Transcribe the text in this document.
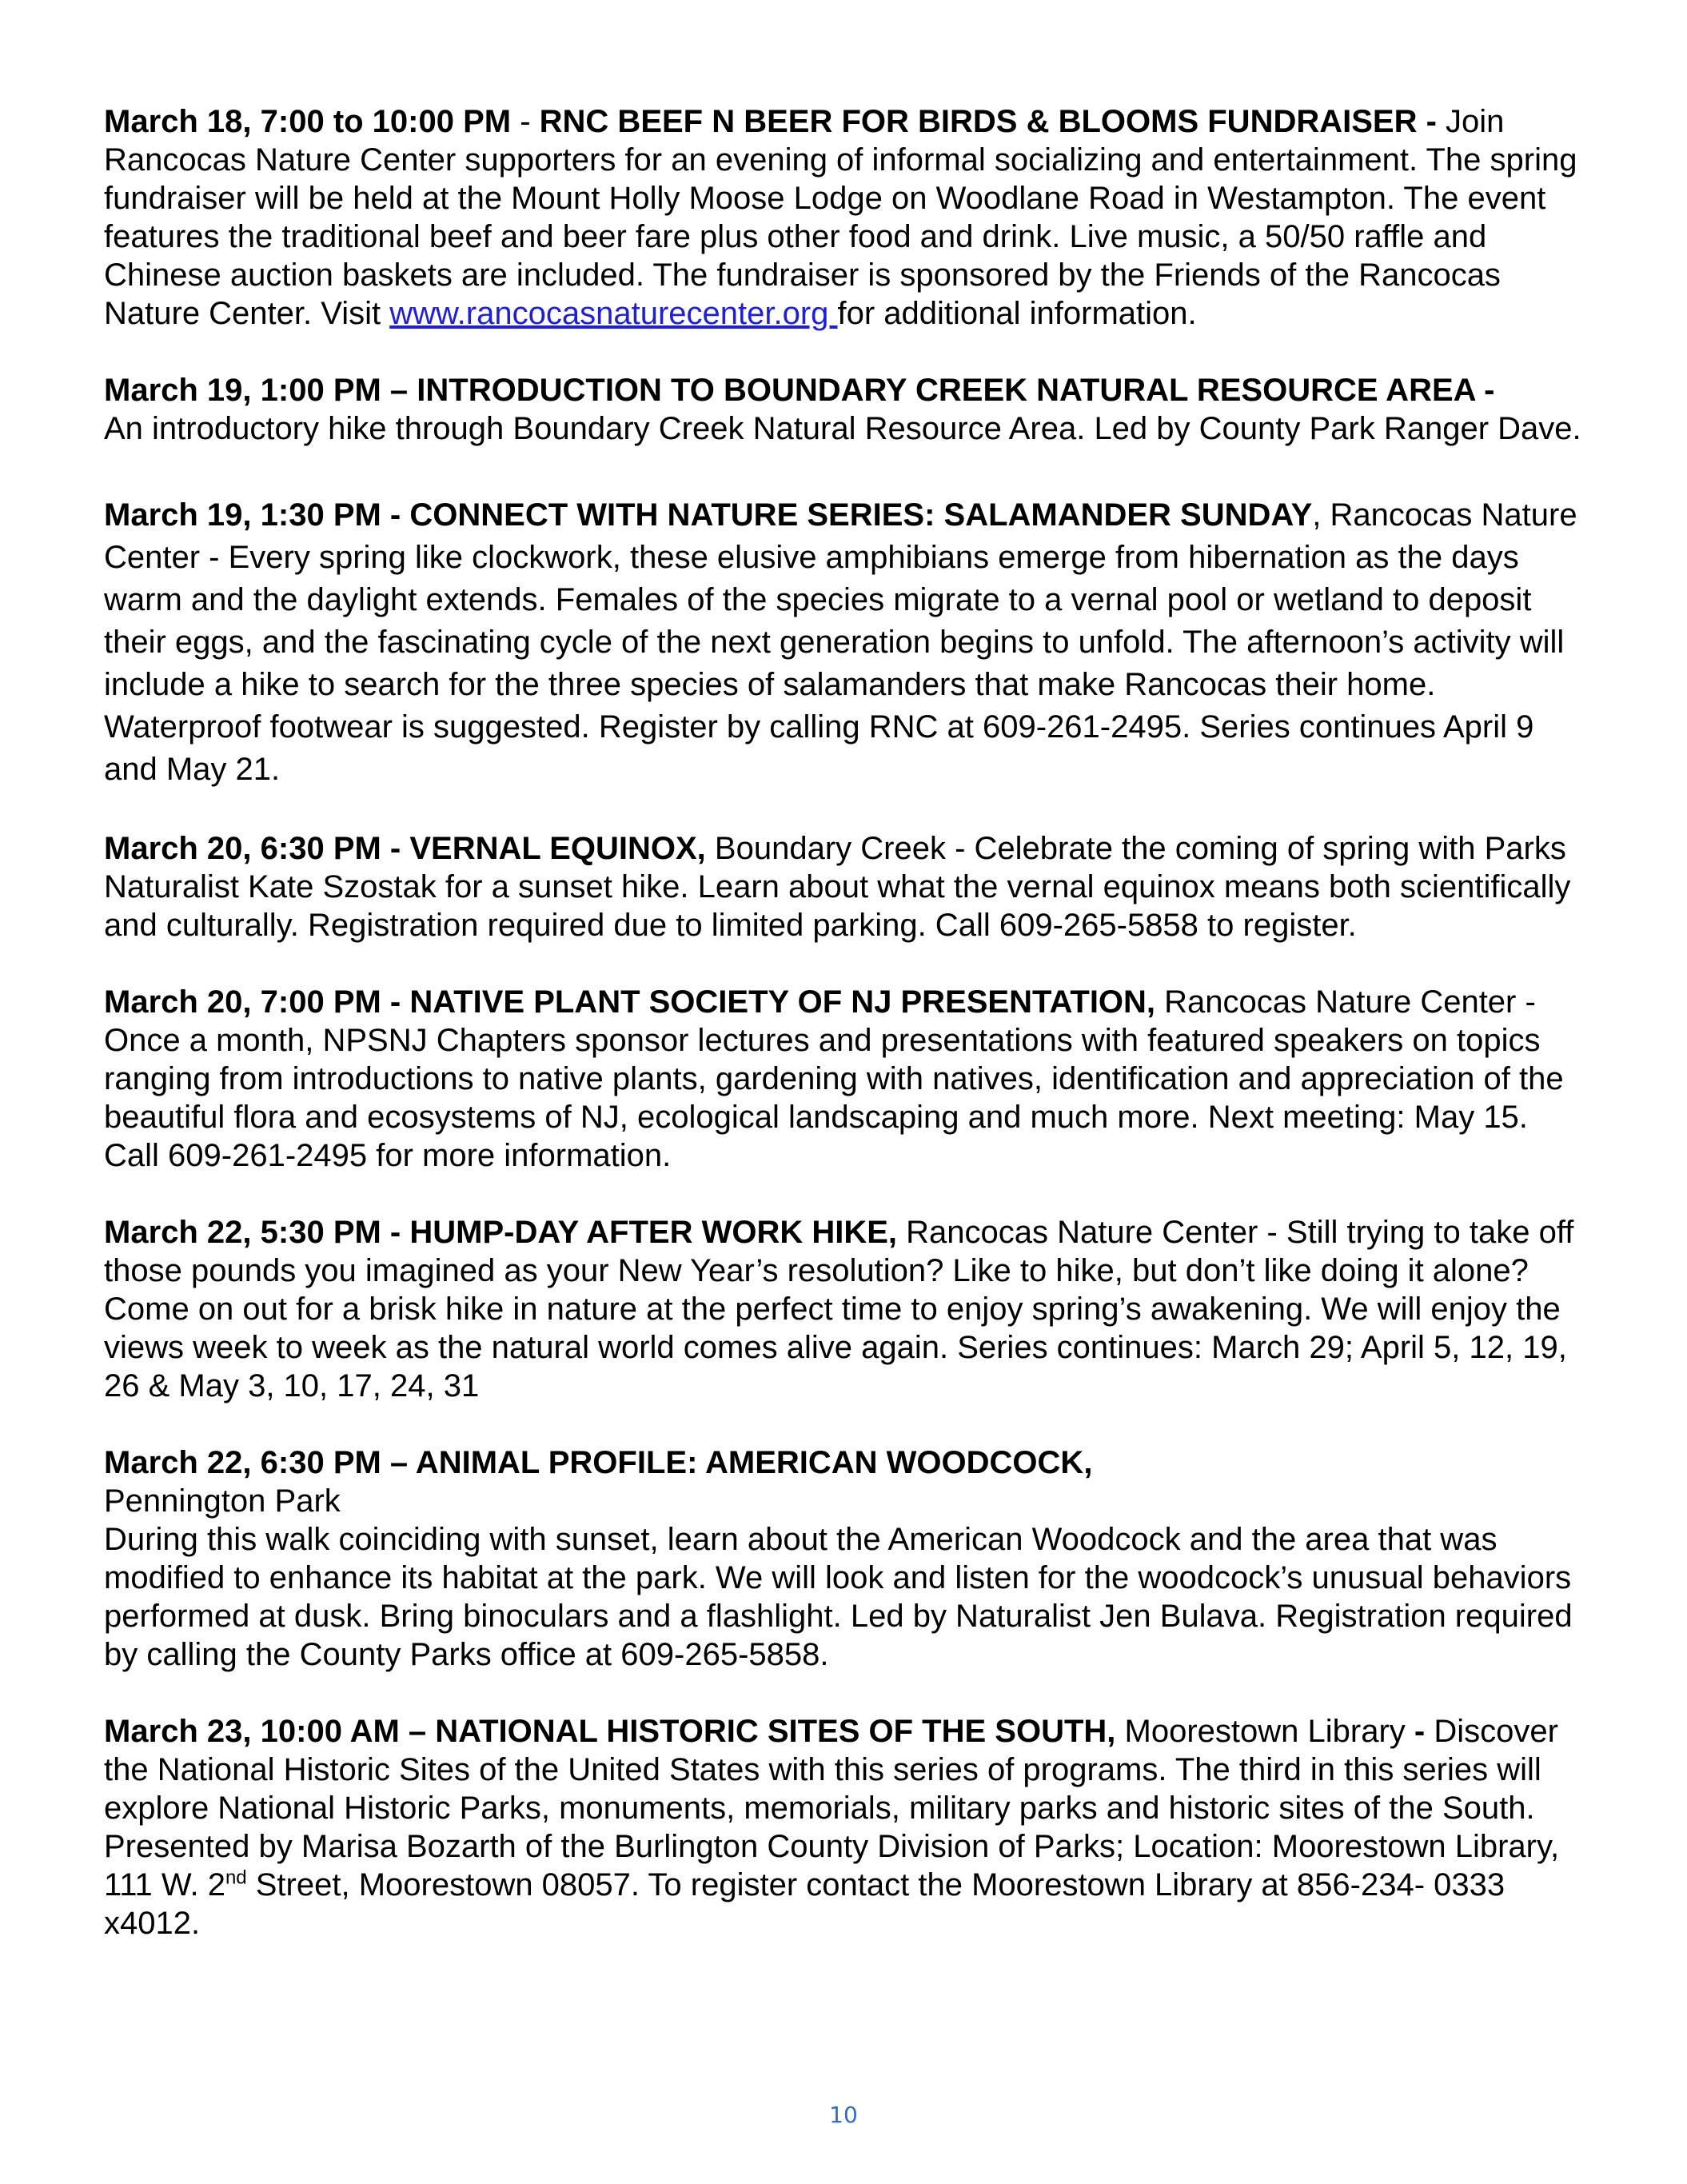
March 18, 7:00 to 10:00 PM - RNC BEEF N BEER FOR BIRDS & BLOOMS FUNDRAISER - Join Rancocas Nature Center supporters for an evening of informal socializing and entertainment. The spring fundraiser will be held at the Mount Holly Moose Lodge on Woodlane Road in Westampton. The event features the traditional beef and beer fare plus other food and drink. Live music, a 50/50 raffle and Chinese auction baskets are included. The fundraiser is sponsored by the Friends of the Rancocas Nature Center. Visit www.rancocasnaturecenter.org for additional information.

March 19, 1:00 PM – INTRODUCTION TO BOUNDARY CREEK NATURAL RESOURCE AREA -
An introductory hike through Boundary Creek Natural Resource Area. Led by County Park Ranger Dave.

March 19, 1:30 PM - CONNECT WITH NATURE SERIES: SALAMANDER SUNDAY, Rancocas Nature Center - Every spring like clockwork, these elusive amphibians emerge from hibernation as the days warm and the daylight extends. Females of the species migrate to a vernal pool or wetland to deposit their eggs, and the fascinating cycle of the next generation begins to unfold. The afternoon’s activity will include a hike to search for the three species of salamanders that make Rancocas their home. Waterproof footwear is suggested. Register by calling RNC at 609-261-2495. Series continues April 9 and May 21.

March 20, 6:30 PM - VERNAL EQUINOX, Boundary Creek - Celebrate the coming of spring with Parks Naturalist Kate Szostak for a sunset hike. Learn about what the vernal equinox means both scientifically and culturally. Registration required due to limited parking. Call 609-265-5858 to register.

March 20, 7:00 PM - NATIVE PLANT SOCIETY OF NJ PRESENTATION, Rancocas Nature Center - Once a month, NPSNJ Chapters sponsor lectures and presentations with featured speakers on topics ranging from introductions to native plants, gardening with natives, identification and appreciation of the beautiful flora and ecosystems of NJ, ecological landscaping and much more. Next meeting: May 15. Call 609-261-2495 for more information.

March 22, 5:30 PM - HUMP-DAY AFTER WORK HIKE, Rancocas Nature Center - Still trying to take off those pounds you imagined as your New Year’s resolution? Like to hike, but don’t like doing it alone? Come on out for a brisk hike in nature at the perfect time to enjoy spring’s awakening. We will enjoy the views week to week as the natural world comes alive again. Series continues: March 29; April 5, 12, 19, 26 & May 3, 10, 17, 24, 31

March 22, 6:30 PM – ANIMAL PROFILE: AMERICAN WOODCOCK,
Pennington Park
During this walk coinciding with sunset, learn about the American Woodcock and the area that was modified to enhance its habitat at the park. We will look and listen for the woodcock’s unusual behaviors performed at dusk. Bring binoculars and a flashlight. Led by Naturalist Jen Bulava. Registration required by calling the County Parks office at 609-265-5858.

March 23, 10:00 AM – NATIONAL HISTORIC SITES OF THE SOUTH, Moorestown Library - Discover the National Historic Sites of the United States with this series of programs. The third in this series will explore National Historic Parks, monuments, memorials, military parks and historic sites of the South. Presented by Marisa Bozarth of the Burlington County Division of Parks; Location: Moorestown Library, 111 W. 2nd Street, Moorestown 08057. To register contact the Moorestown Library at 856-234- 0333 x4012.

10
